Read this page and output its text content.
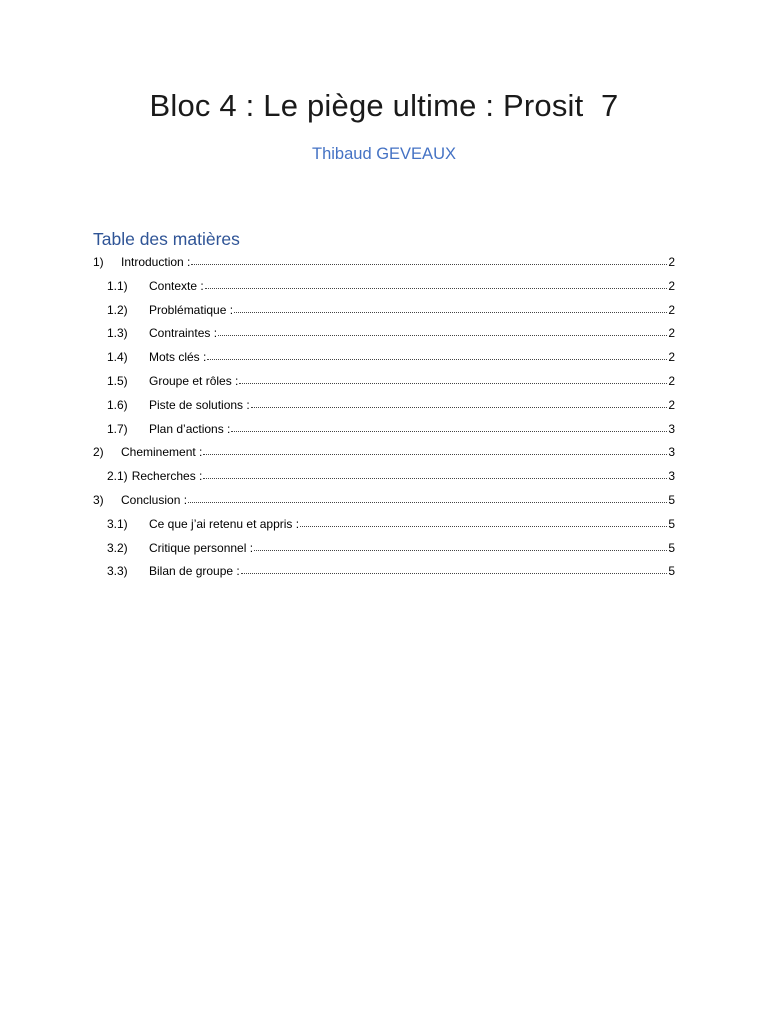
Bloc 4 : Le piège ultime : Prosit  7

Thibaud GEVEAUX

Table des matières
1)	Introduction :	2
1.1)	Contexte :	2
1.2)	Problématique :	2
1.3)	Contraintes :	2
1.4)	Mots clés :	2
1.5)	Groupe et rôles :	2
1.6)	Piste de solutions :	2
1.7)	Plan d’actions :	3
2)	Cheminement :	3
2.1) Recherches :	3
3)	Conclusion :	5
3.1)	Ce que j’ai retenu et appris :	5
3.2)	Critique personnel :	5
3.3)	Bilan de groupe :	5
